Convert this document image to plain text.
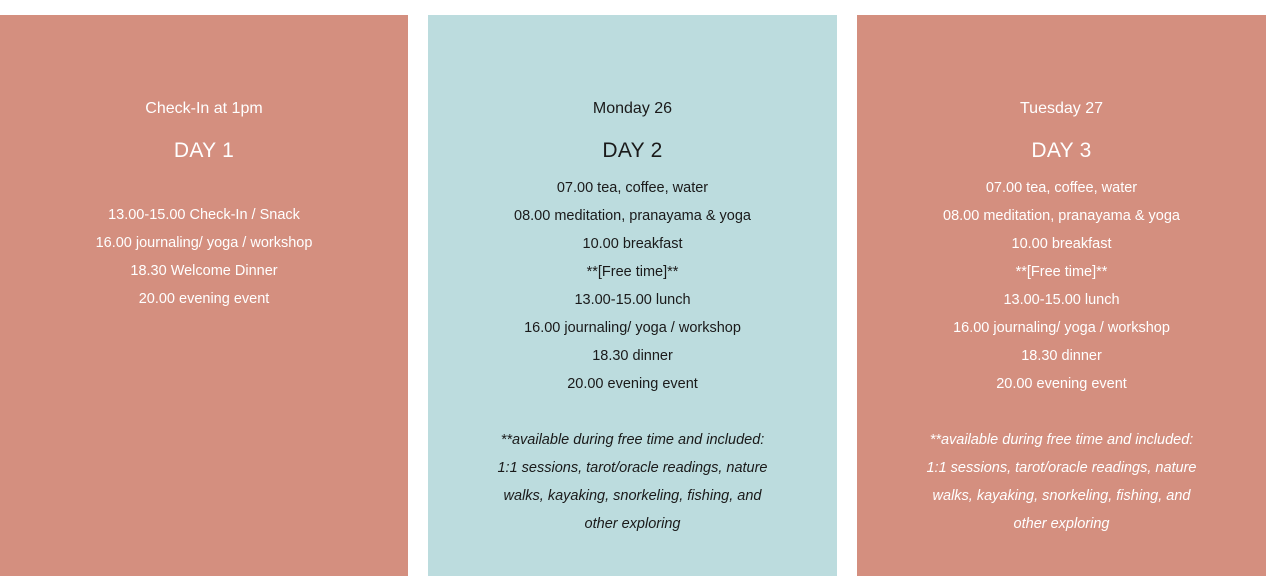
Check-In at 1pm

DAY 1
13.00-15.00 Check-In / Snack
16.00 journaling/ yoga / workshop
18.30 Welcome Dinner
20.00 evening event

Monday 26

DAY 2
07.00 tea, coffee, water
08.00 meditation, pranayama & yoga
10.00 breakfast
**[Free time]**
13.00-15.00 lunch
16.00 journaling/ yoga / workshop
18.30 dinner
20.00 evening event
**available during free time and included:
1:1 sessions, tarot/oracle readings, nature
walks, kayaking, snorkeling, fishing, and
other exploring

Tuesday 27

DAY 3
07.00 tea, coffee, water
08.00 meditation, pranayama & yoga
10.00 breakfast
**[Free time]**
13.00-15.00 lunch
16.00 journaling/ yoga / workshop
18.30 dinner
20.00 evening event
**available during free time and included:
1:1 sessions, tarot/oracle readings, nature
walks, kayaking, snorkeling, fishing, and
other exploring
